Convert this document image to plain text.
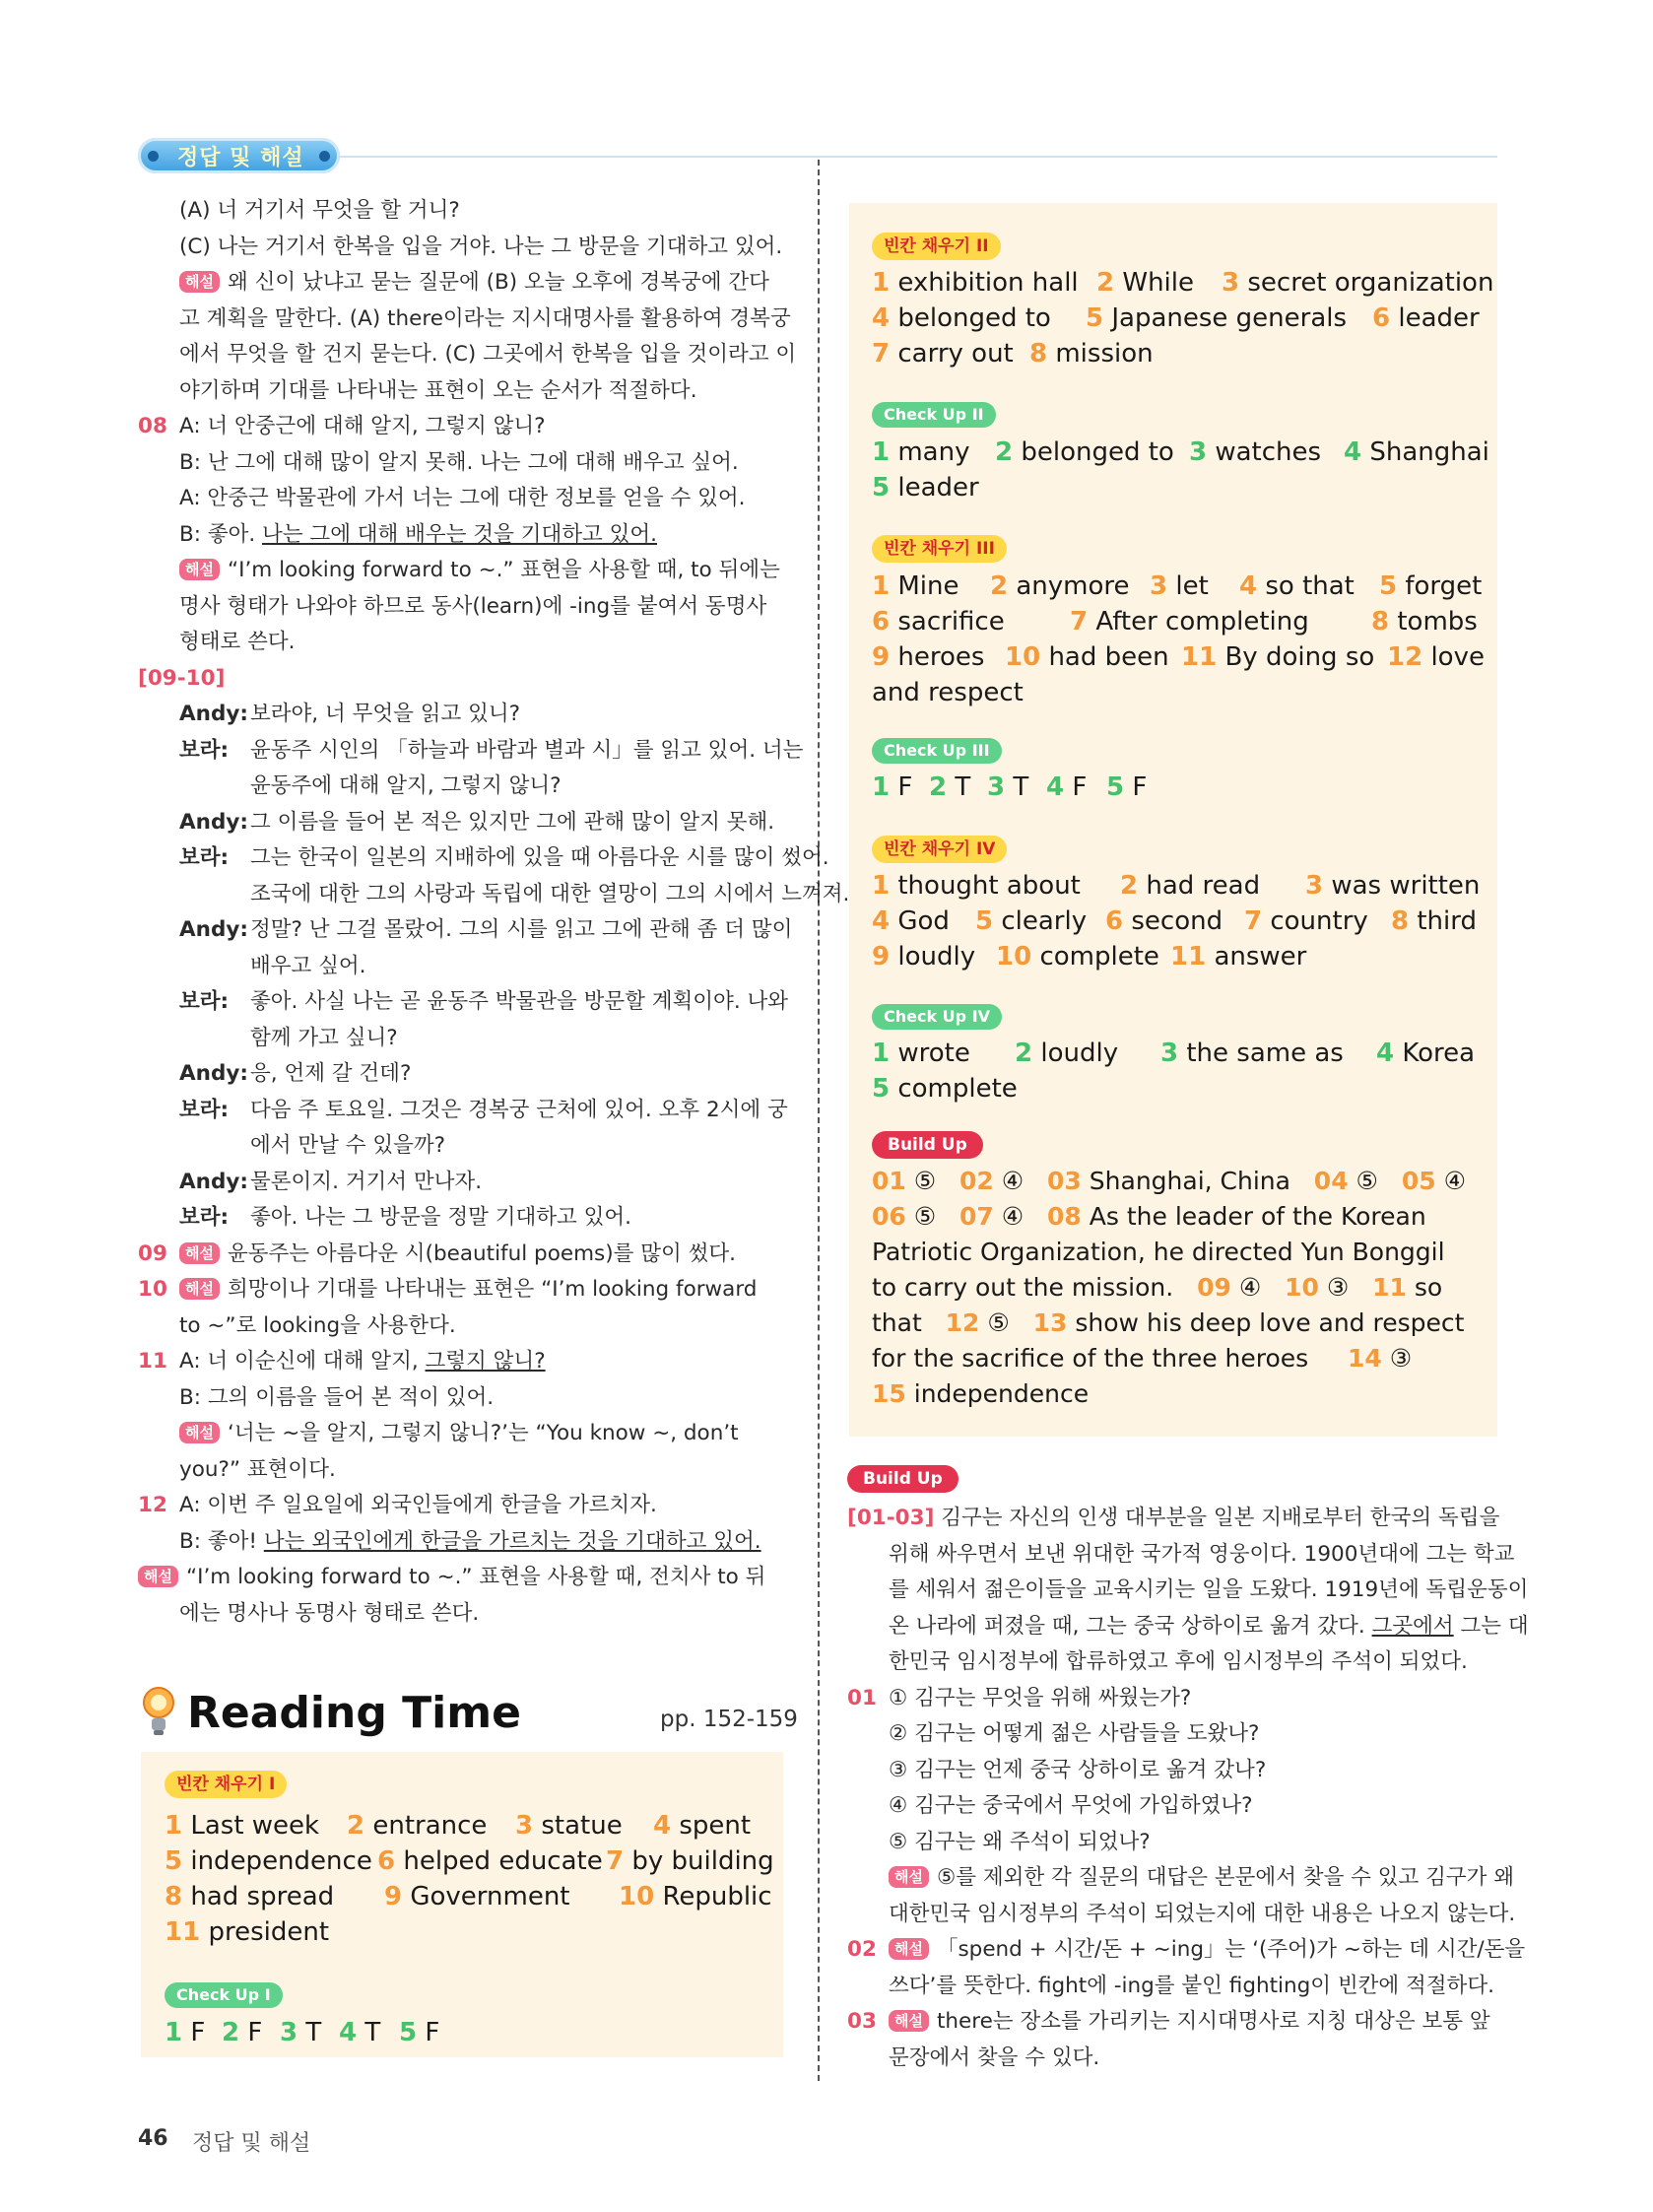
정답 및 해설
(A) 너 거기서 무엇을 할 거니?
(C) 나는 거기서 한복을 입을 거야. 나는 그 방문을 기대하고 있어.
해설 왜 신이 났냐고 묻는 질문에 (B) 오늘 오후에 경복궁에 간다
고 계획을 말한다. (A) there이라는 지시대명사를 활용하여 경복궁
에서 무엇을 할 건지 묻는다. (C) 그곳에서 한복을 입을 것이라고 이
야기하며 기대를 나타내는 표현이 오는 순서가 적절하다.
08 A: 너 안중근에 대해 알지, 그렇지 않니?
B: 난 그에 대해 많이 알지 못해. 나는 그에 대해 배우고 싶어.
A: 안중근 박물관에 가서 너는 그에 대한 정보를 얻을 수 있어.
B: 좋아. 나는 그에 대해 배우는 것을 기대하고 있어.
해설 “I’m looking forward to ~.” 표현을 사용할 때, to 뒤에는
명사 형태가 나와야 하므로 동사(learn)에 -ing를 붙여서 동명사
형태로 쓴다.
[09-10]
Andy:보라야, 너 무엇을 읽고 있니?
보라: 윤동주 시인의 「하늘과 바람과 별과 시」를 읽고 있어. 너는
윤동주에 대해 알지, 그렇지 않니?
Andy:그 이름을 들어 본 적은 있지만 그에 관해 많이 알지 못해.
보라: 그는 한국이 일본의 지배하에 있을 때 아름다운 시를 많이 썼어.
조국에 대한 그의 사랑과 독립에 대한 열망이 그의 시에서 느껴져.
Andy:정말? 난 그걸 몰랐어. 그의 시를 읽고 그에 관해 좀 더 많이
배우고 싶어.
보라: 좋아. 사실 나는 곧 윤동주 박물관을 방문할 계획이야. 나와
함께 가고 싶니?
Andy:응, 언제 갈 건데?
보라: 다음 주 토요일. 그것은 경복궁 근처에 있어. 오후 2시에 궁
에서 만날 수 있을까?
Andy:물론이지. 거기서 만나자.
보라: 좋아. 나는 그 방문을 정말 기대하고 있어.
09 해설 윤동주는 아름다운 시(beautiful poems)를 많이 썼다.
10 해설 희망이나 기대를 나타내는 표현은 “I’m looking forward
to ~”로 looking을 사용한다.
11 A: 너 이순신에 대해 알지, 그렇지 않니?
B: 그의 이름을 들어 본 적이 있어.
해설 ‘너는 ~을 알지, 그렇지 않니?’는 “You know ~, don’t
you?” 표현이다.
12 A: 이번 주 일요일에 외국인들에게 한글을 가르치자.
B: 좋아! 나는 외국인에게 한글을 가르치는 것을 기대하고 있어.
해설 “I’m looking forward to ~.” 표현을 사용할 때, 전치사 to 뒤
에는 명사나 동명사 형태로 쓴다.
Reading Time	pp. 152-159
빈칸 채우기 I
1 Last week 2 entrance 3 statue 4 spent
5 independence 6 helped educate 7 by building
8 had spread 9 Government 10 Republic
11 president
Check Up I
1 F 2 F 3 T 4 T 5 F
빈칸 채우기 II
1 exhibition hall 2 While 3 secret organization
4 belonged to 5 Japanese generals 6 leader
7 carry out 8 mission
Check Up II
1 many 2 belonged to 3 watches 4 Shanghai
5 leader
빈칸 채우기 III
1 Mine 2 anymore 3 let 4 so that 5 forget
6 sacrifice	7 After completing 8 tombs
9 heroes 10 had been 11 By doing so 12 love
and respect
Check Up III
1 F 2 T 3 T 4 F 5 F
빈칸 채우기 IV
1 thought about 2 had read 3 was written
4 God 5 clearly 6 second 7 country 8 third
9 loudly 10 complete 11 answer
Check Up IV
1 wrote 2 loudly 3 the same as 4 Korea
5 complete
Build Up
01 ⑤ 02 ④ 03 Shanghai, China 04 ⑤ 05 ④
06 ⑤ 07 ④ 08 As the leader of the Korean
Patriotic Organization, he directed Yun Bonggil
to carry out the mission. 09 ④ 10 ③ 11 so
that 12 ⑤ 13 show his deep love and respect
for the sacrifice of the three heroes 14 ③
15 independence
Build Up
[01-03] 김구는 자신의 인생 대부분을 일본 지배로부터 한국의 독립을
위해 싸우면서 보낸 위대한 국가적 영웅이다. 1900년대에 그는 학교
를 세워서 젊은이들을 교육시키는 일을 도왔다. 1919년에 독립운동이
온 나라에 퍼졌을 때, 그는 중국 상하이로 옮겨 갔다. 그곳에서 그는 대
한민국 임시정부에 합류하였고 후에 임시정부의 주석이 되었다.
01 ① 김구는 무엇을 위해 싸웠는가?
② 김구는 어떻게 젊은 사람들을 도왔나?
③ 김구는 언제 중국 상하이로 옮겨 갔나?
④ 김구는 중국에서 무엇에 가입하였나?
⑤ 김구는 왜 주석이 되었나?
해설 ⑤를 제외한 각 질문의 대답은 본문에서 찾을 수 있고 김구가 왜
대한민국 임시정부의 주석이 되었는지에 대한 내용은 나오지 않는다.
02 해설 「spend + 시간/돈 + ~ing」는 ‘(주어)가 ~하는 데 시간/돈을
쓰다’를 뜻한다. fight에 -ing를 붙인 fighting이 빈칸에 적절하다.
03 해설 there는 장소를 가리키는 지시대명사로 지칭 대상은 보통 앞
문장에서 찾을 수 있다.
46 정답 및 해설
